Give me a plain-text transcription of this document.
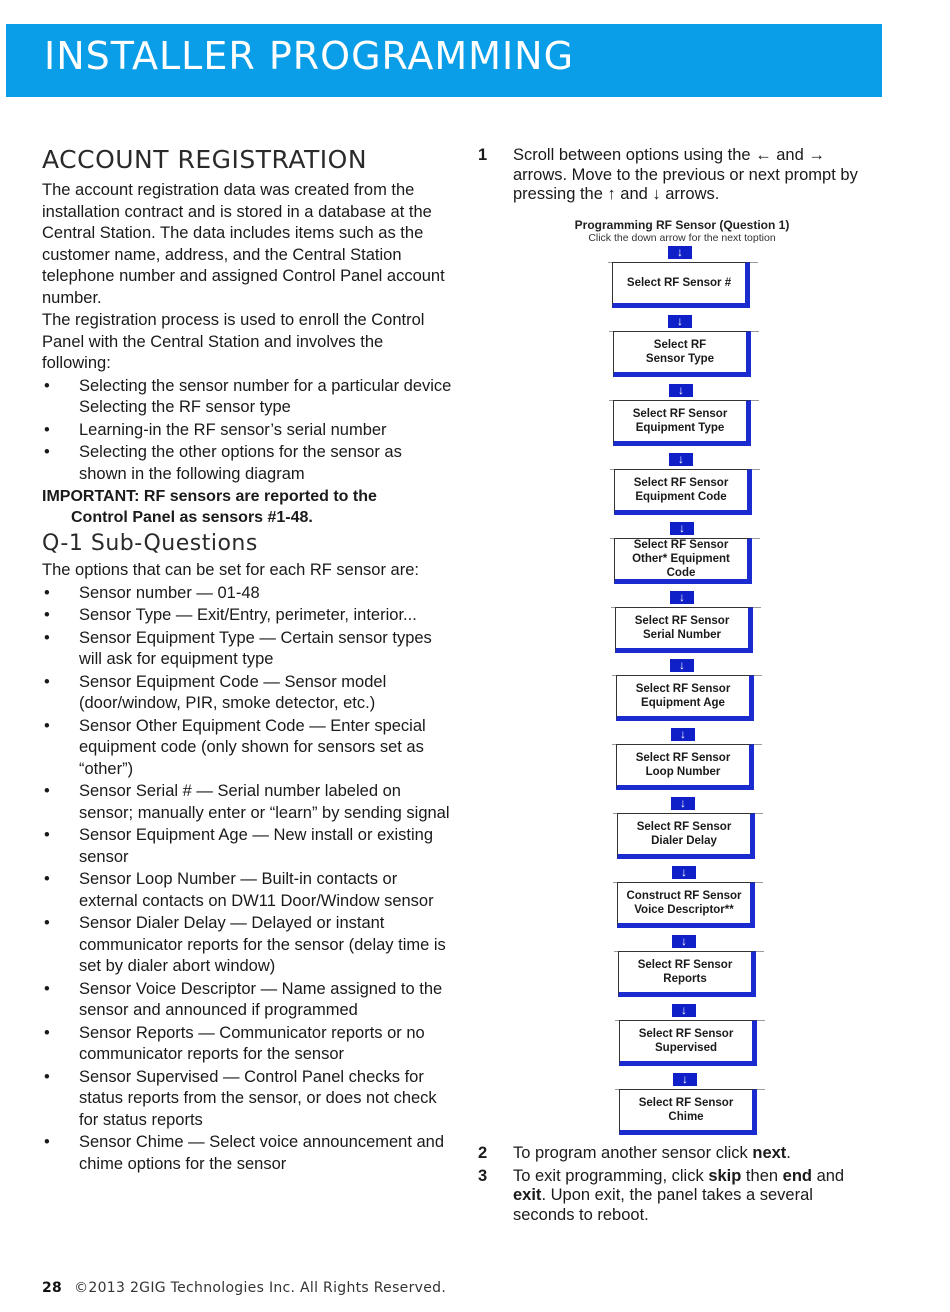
INSTALLER PROGRAMMING
ACCOUNT REGISTRATION

The account registration data was created from the installation contract and is stored in a database at the Central Station. The data includes items such as the customer name, address, and the Central Station telephone number and assigned Control Panel account number.

The registration process is used to enroll the Control Panel with the Central Station and involves the following:

• Selecting the sensor number for a particular device Selecting the RF sensor type
• Learning-in the RF sensor’s serial number
• Selecting the other options for the sensor as shown in the following diagram
IMPORTANT: RF sensors are reported to the
Control Panel as sensors #1-48.
Q-1 Sub-Questions

The options that can be set for each RF sensor are:

• Sensor number — 01-48
• Sensor Type — Exit/Entry, perimeter, interior...
• Sensor Equipment Type — Certain sensor types will ask for equipment type
• Sensor Equipment Code — Sensor model (door/window, PIR, smoke detector, etc.)
• Sensor Other Equipment Code — Enter special equipment code (only shown for sensors set as “other”)
• Sensor Serial # — Serial number labeled on sensor; manually enter or “learn” by sending signal
• Sensor Equipment Age — New install or existing sensor
• Sensor Loop Number — Built-in contacts or external contacts on DW11 Door/Window sensor
• Sensor Dialer Delay — Delayed or instant communicator reports for the sensor (delay time is set by dialer abort window)
• Sensor Voice Descriptor — Name assigned to the sensor and announced if programmed
• Sensor Reports — Communicator reports or no communicator reports for the sensor
• Sensor Supervised — Control Panel checks for status reports from the sensor, or does not check for status reports
• Sensor Chime — Select voice announcement and chime options for the sensor
1 Scroll between options using the ← and → arrows. Move to the previous or next prompt by pressing the ↑ and ↓ arrows.
Programming RF Sensor (Question 1)
Click the down arrow for the next toption
↓
Select RF Sensor #
↓
Select RF
Sensor Type
↓
Select RF Sensor
Equipment Type
↓
Select RF Sensor
Equipment Code
↓
Select RF Sensor
Other* Equipment Code
↓
Select RF Sensor
Serial Number
↓
Select RF Sensor
Equipment Age
↓
Select RF Sensor
Loop Number
↓
Select RF Sensor
Dialer Delay
↓
Construct RF Sensor
Voice Descriptor**
↓
Select RF Sensor
Reports
↓
Select RF Sensor
Supervised
↓
Select RF Sensor
Chime
2 To program another sensor click next.
3 To exit programming, click skip then end and exit. Upon exit, the panel takes a several seconds to reboot.
28 ©2013 2GIG Technologies Inc. All Rights Reserved.
